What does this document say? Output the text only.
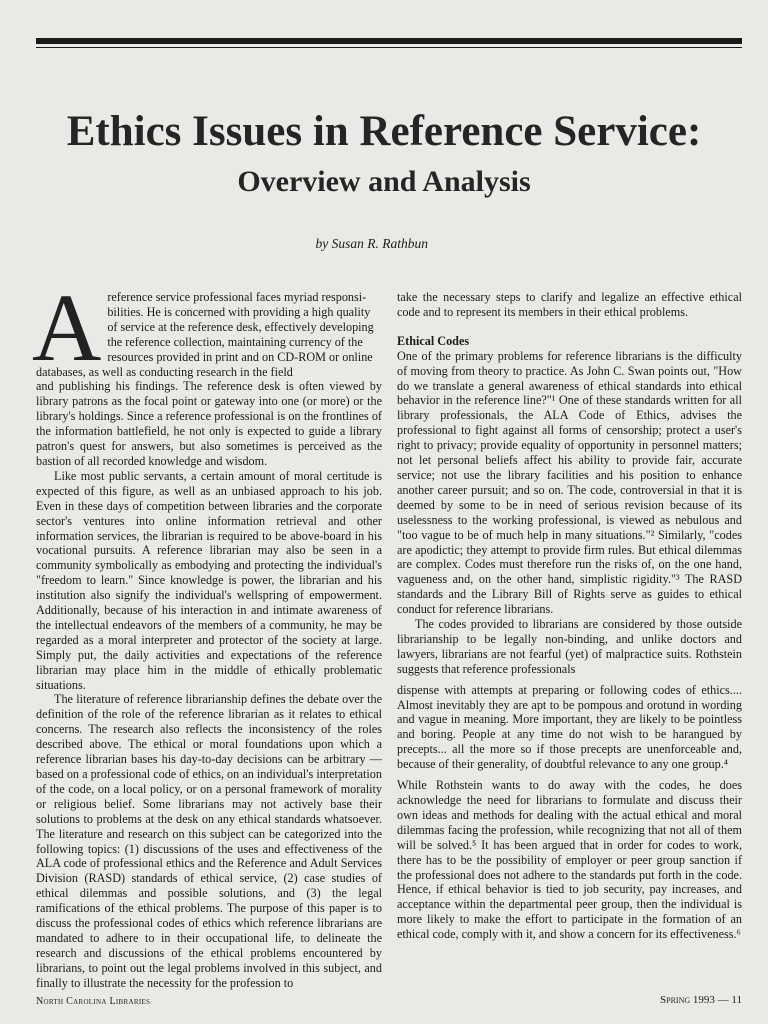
Ethics Issues in Reference Service:
Overview and Analysis
by Susan R. Rathbun
A reference service professional faces myriad responsi-
bilities. He is concerned with providing a high quality
of service at the reference desk, effectively developing
the reference collection, maintaining currency of the
resources provided in print and on CD-ROM or online
databases, as well as conducting research in the field

and publishing his findings. The reference desk is often viewed by library patrons as the focal point or gateway into one (or more) or the library's holdings. Since a reference professional is on the frontlines of the information battlefield, he not only is expected to guide a library patron's quest for answers, but also sometimes is perceived as the bastion of all recorded knowledge and wisdom.

Like most public servants, a certain amount of moral certitude is expected of this figure, as well as an unbiased approach to his job. Even in these days of competition between libraries and the corporate sector's ventures into online information retrieval and other information services, the librarian is required to be above-board in his vocational pursuits. A reference librarian may also be seen in a community symbolically as embodying and protecting the individual's "freedom to learn." Since knowledge is power, the librarian and his institution also signify the individual's wellspring of empowerment. Additionally, because of his interaction in and intimate awareness of the intellectual endeavors of the members of a community, he may be regarded as a moral interpreter and protector of the society at large. Simply put, the daily activities and expectations of the reference librarian may place him in the middle of ethically problematic situations.

The literature of reference librarianship defines the debate over the definition of the role of the reference librarian as it relates to ethical concerns. The research also reflects the inconsistency of the roles described above. The ethical or moral foundations upon which a reference librarian bases his day-to-day decisions can be arbitrary — based on a professional code of ethics, on an individual's interpretation of the code, on a local policy, or on a personal framework of morality or religious belief. Some librarians may not actively base their solutions to problems at the desk on any ethical standards whatsoever. The literature and research on this subject can be categorized into the following topics: (1) discussions of the uses and effectiveness of the ALA code of professional ethics and the Reference and Adult Services Division (RASD) standards of ethical service, (2) case studies of ethical dilemmas and possible solutions, and (3) the legal ramifications of the ethical problems. The purpose of this paper is to discuss the professional codes of ethics which reference librarians are mandated to adhere to in their occupational life, to delineate the research and discussions of the ethical problems encountered by librarians, to point out the legal problems involved in this subject, and finally to illustrate the necessity for the profession to

take the necessary steps to clarify and legalize an effective ethical code and to represent its members in their ethical problems.

Ethical Codes

One of the primary problems for reference librarians is the difficulty of moving from theory to practice. As John C. Swan points out, "How do we translate a general awareness of ethical standards into ethical behavior in the reference line?"¹ One of these standards written for all library professionals, the ALA Code of Ethics, advises the professional to fight against all forms of censorship; protect a user's right to privacy; provide equality of opportunity in personnel matters; not let personal beliefs affect his ability to provide fair, accurate service; not use the library facilities and his position to enhance another career pursuit; and so on. The code, controversial in that it is deemed by some to be in need of serious revision because of its uselessness to the working professional, is viewed as nebulous and "too vague to be of much help in many situations."² Similarly, "codes are apodictic; they attempt to provide firm rules. But ethical dilemmas are complex. Codes must therefore run the risks of, on the one hand, vagueness and, on the other hand, simplistic rigidity."³ The RASD standards and the Library Bill of Rights serve as guides to ethical conduct for reference librarians.

The codes provided to librarians are considered by those outside librarianship to be legally non-binding, and unlike doctors and lawyers, librarians are not fearful (yet) of malpractice suits. Rothstein suggests that reference professionals

dispense with attempts at preparing or following codes of ethics.... Almost inevitably they are apt to be pompous and orotund in wording and vague in meaning. More important, they are likely to be pointless and boring. People at any time do not wish to be harangued by precepts... all the more so if those precepts are unenforceable and, because of their generality, of doubtful relevance to any one group.⁴

While Rothstein wants to do away with the codes, he does acknowledge the need for librarians to formulate and discuss their own ideas and methods for dealing with the actual ethical and moral dilemmas facing the profession, while recognizing that not all of them will be solved.⁵ It has been argued that in order for codes to work, there has to be the possibility of employer or peer group sanction if the professional does not adhere to the standards put forth in the code. Hence, if ethical behavior is tied to job security, pay increases, and acceptance within the departmental peer group, then the individual is more likely to make the effort to participate in the formation of an ethical code, comply with it, and show a concern for its effectiveness.⁶

North Carolina Libraries	Spring 1993 — 11
